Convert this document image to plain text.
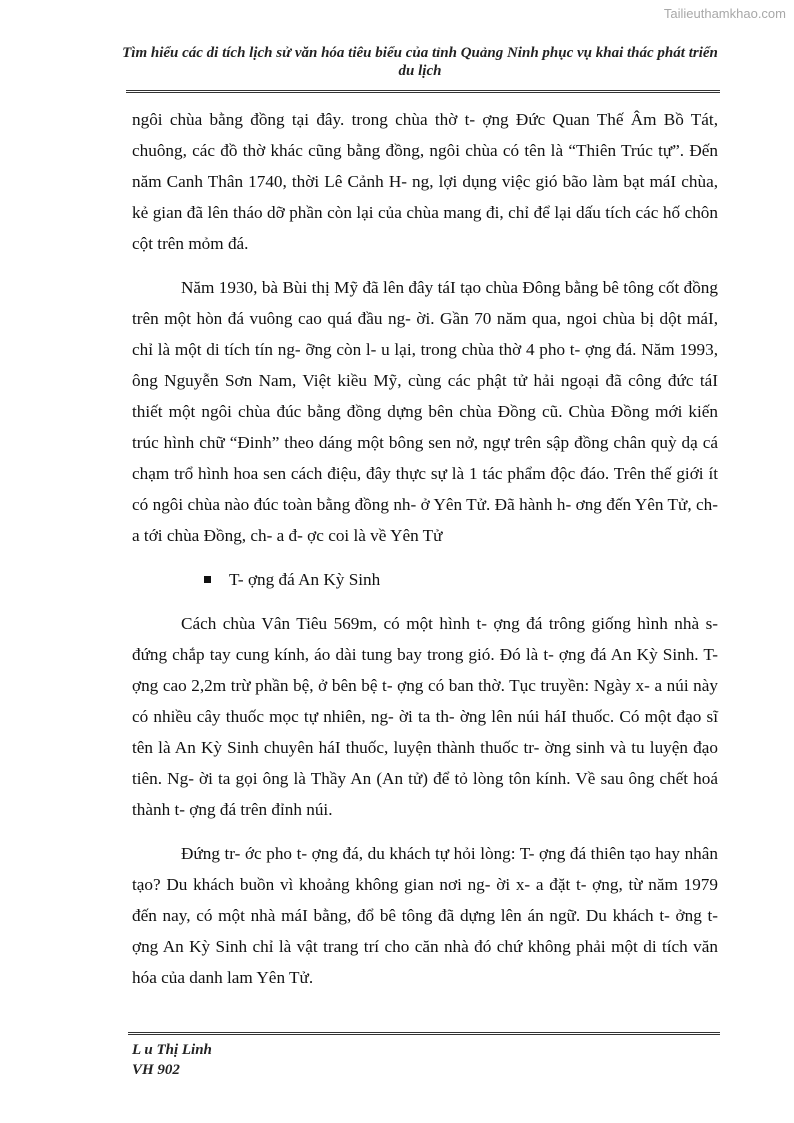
Tailieuthamkhao.com
Tìm hiểu các di tích lịch sử văn hóa tiêu biểu của tỉnh Quảng Ninh phục vụ khai thác phát triển du lịch

ngôi chùa bằng đồng tại đây. trong chùa thờ t- ợng Đức Quan Thế Âm Bồ Tát, chuông, các đồ thờ khác cũng bằng đồng, ngôi chùa có tên là “Thiên Trúc tự”. Đến năm Canh Thân 1740, thời Lê Cảnh H- ng, lợi dụng việc gió bão làm bạt máI chùa, kẻ gian đã lên tháo dỡ phần còn lại của chùa mang đi, chỉ để lại dấu tích các hố chôn cột trên mỏm đá.

Năm 1930, bà Bùi thị Mỹ đã lên đây táI tạo chùa Đông bằng bê tông cốt đồng trên một hòn đá vuông cao quá đầu ng- ời. Gần 70 năm qua, ngoi chùa bị dột máI, chỉ là một di tích tín ng- ỡng còn l- u lại, trong chùa thờ 4 pho t- ợng đá. Năm 1993, ông Nguyễn Sơn Nam, Việt kiều Mỹ, cùng các phật tử hải ngoại đã công đức táI thiết một ngôi chùa đúc bằng đồng dựng bên chùa Đồng cũ. Chùa Đồng mới kiến trúc hình chữ “Đinh” theo dáng một bông sen nở, ngự trên sập đồng chân quỳ dạ cá chạm trổ hình hoa sen cách điệu, đây thực sự là 1 tác phẩm độc đáo. Trên thế giới ít có ngôi chùa nào đúc toàn bằng đồng nh- ở Yên Tử. Đã hành h- ơng đến Yên Tử, ch- a tới chùa Đồng, ch- a đ- ợc coi là về Yên Tử

T- ợng đá An Kỳ Sinh

Cách chùa Vân Tiêu 569m, có một hình t- ợng đá trông giống hình nhà s- đứng chắp tay cung kính, áo dài tung bay trong gió. Đó là t- ợng đá An Kỳ Sinh. T- ợng cao 2,2m trừ phần bệ, ở bên bệ t- ợng có ban thờ. Tục truyền: Ngày x- a núi này có nhiều cây thuốc mọc tự nhiên, ng- ời ta th- ờng lên núi háI thuốc. Có một đạo sĩ tên là An Kỳ Sinh chuyên háI thuốc, luyện thành thuốc tr- ờng sinh và tu luyện đạo tiên. Ng- ời ta gọi ông là Thầy An (An tử) để tỏ lòng tôn kính. Về sau ông chết hoá thành t- ợng đá trên đỉnh núi.

Đứng tr- ớc pho t- ợng đá, du khách tự hỏi lòng: T- ợng đá thiên tạo hay nhân tạo? Du khách buồn vì khoảng không gian nơi ng- ời x- a đặt t- ợng, từ năm 1979 đến nay, có một nhà máI bằng, đổ bê tông đã dựng lên án ngữ. Du khách t- ởng t- ợng An Kỳ Sinh chỉ là vật trang trí cho căn nhà đó chứ không phải một di tích văn hóa của danh lam Yên Tử.

L u Thị Linh
VH 902
